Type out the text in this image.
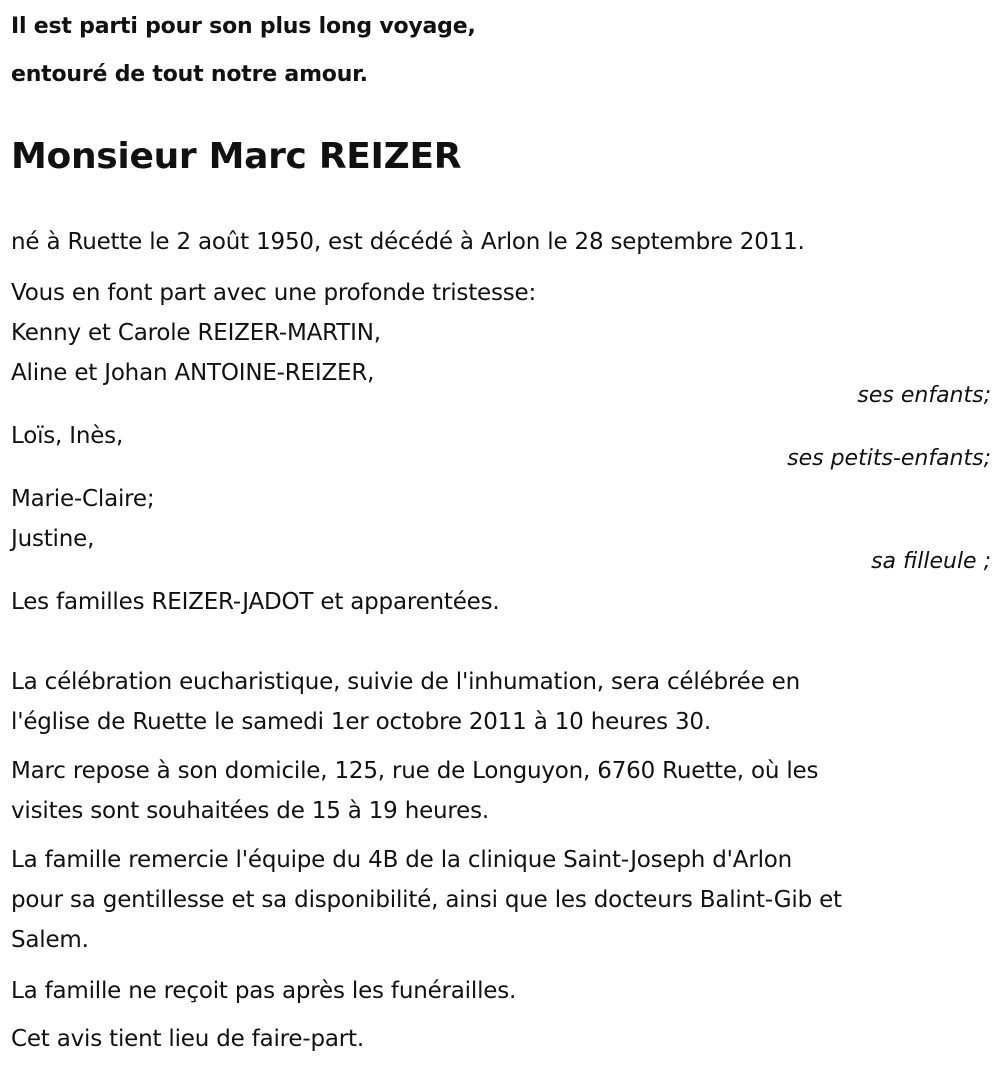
Il est parti pour son plus long voyage,
entouré de tout notre amour.
Monsieur Marc REIZER
né à Ruette le 2 août 1950, est décédé à Arlon le 28 septembre 2011.
Vous en font part avec une profonde tristesse:
Kenny et Carole REIZER-MARTIN,
Aline et Johan ANTOINE-REIZER,
ses enfants;
Loïs, Inès,
ses petits-enfants;
Marie-Claire;
Justine,
sa filleule ;
Les familles REIZER-JADOT et apparentées.
La célébration eucharistique, suivie de l'inhumation, sera célébrée en
l'église de Ruette le samedi 1er octobre 2011 à 10 heures 30.
Marc repose à son domicile, 125, rue de Longuyon, 6760 Ruette, où les
visites sont souhaitées de 15 à 19 heures.
La famille remercie l'équipe du 4B de la clinique Saint-Joseph d'Arlon
pour sa gentillesse et sa disponibilité, ainsi que les docteurs Balint-Gib et
Salem.
La famille ne reçoit pas après les funérailles.
Cet avis tient lieu de faire-part.
